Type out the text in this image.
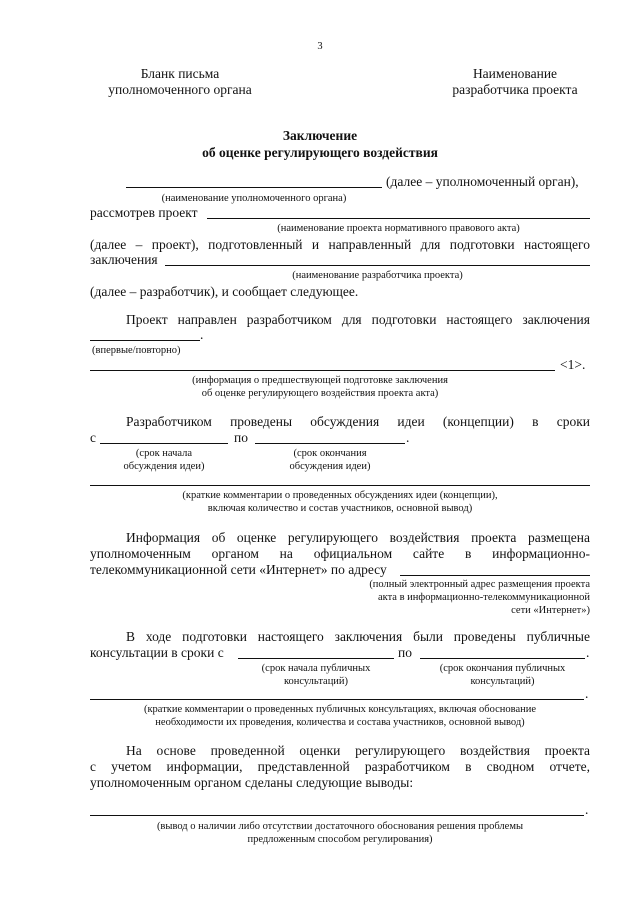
3
Бланк письма
уполномоченного органа
Наименование
разработчика проекта
Заключение
об оценке регулирующего воздействия
(далее – уполномоченный орган),
(наименование уполномоченного органа)
рассмотрев проект
(наименование проекта нормативного правового акта)
(далее – проект), подготовленный и направленный для подготовки настоящего
заключения
(наименование разработчика проекта)
(далее – разработчик), и сообщает следующее.
Проект направлен разработчиком для подготовки настоящего заключения
.
(впервые/повторно)
<1>.
(информация о предшествующей подготовке заключения
об оценке регулирующего воздействия проекта акта)
Разработчиком проведены обсуждения идеи (концепции) в сроки
с	по	.
(срок начала
обсуждения идеи)
(срок окончания
обсуждения идеи)
(краткие комментарии о проведенных обсуждениях идеи (концепции),
включая количество и состав участников, основной вывод)
Информация об оценке регулирующего воздействия проекта размещена
уполномоченным органом на официальном сайте в информационно-
телекоммуникационной сети «Интернет» по адресу
(полный электронный адрес размещения проекта
акта в информационно-телекоммуникационной
сети «Интернет»)
В ходе подготовки настоящего заключения были проведены публичные
консультации в сроки с	по	.
(срок начала публичных
консультаций)
(срок окончания публичных
консультаций)
.
(краткие комментарии о проведенных публичных консультациях, включая обоснование
необходимости их проведения, количества и состава участников, основной вывод)
На основе проведенной оценки регулирующего воздействия проекта
с учетом информации, представленной разработчиком в сводном отчете,
уполномоченным органом сделаны следующие выводы:
.
(вывод о наличии либо отсутствии достаточного обоснования решения проблемы
предложенным способом регулирования)
